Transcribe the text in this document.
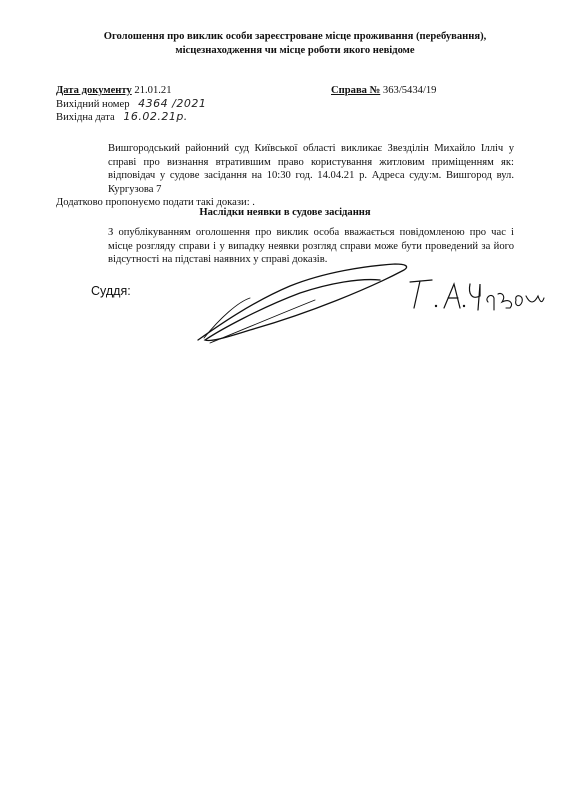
Оголошення про виклик особи зареєстроване місце проживання (перебування),
місцезнаходження чи місце роботи якого невідоме
Дата документу 21.01.21
Вихідний номер 4364 /2021
Вихідна дата 16.02.21р.
Справа № 363/5434/19
Вишгородський районний суд Київської області викликає Звезділін Михайло Ілліч у справі про визнання втратившим право користування житловим приміщенням як: відповідач у судове засідання на 10:30 год. 14.04.21 р. Адреса суду:м. Вишгород вул. Кургузова 7
Додатково пропонуємо подати такі докази: .
Наслідки неявки в судове засідання
З опублікуванням оголошення про виклик особа вважається повідомленою про час і місце розгляду справи і у випадку неявки розгляд справи може бути проведений за його відсутності на підставі наявних у справі доказів.
Суддя:
